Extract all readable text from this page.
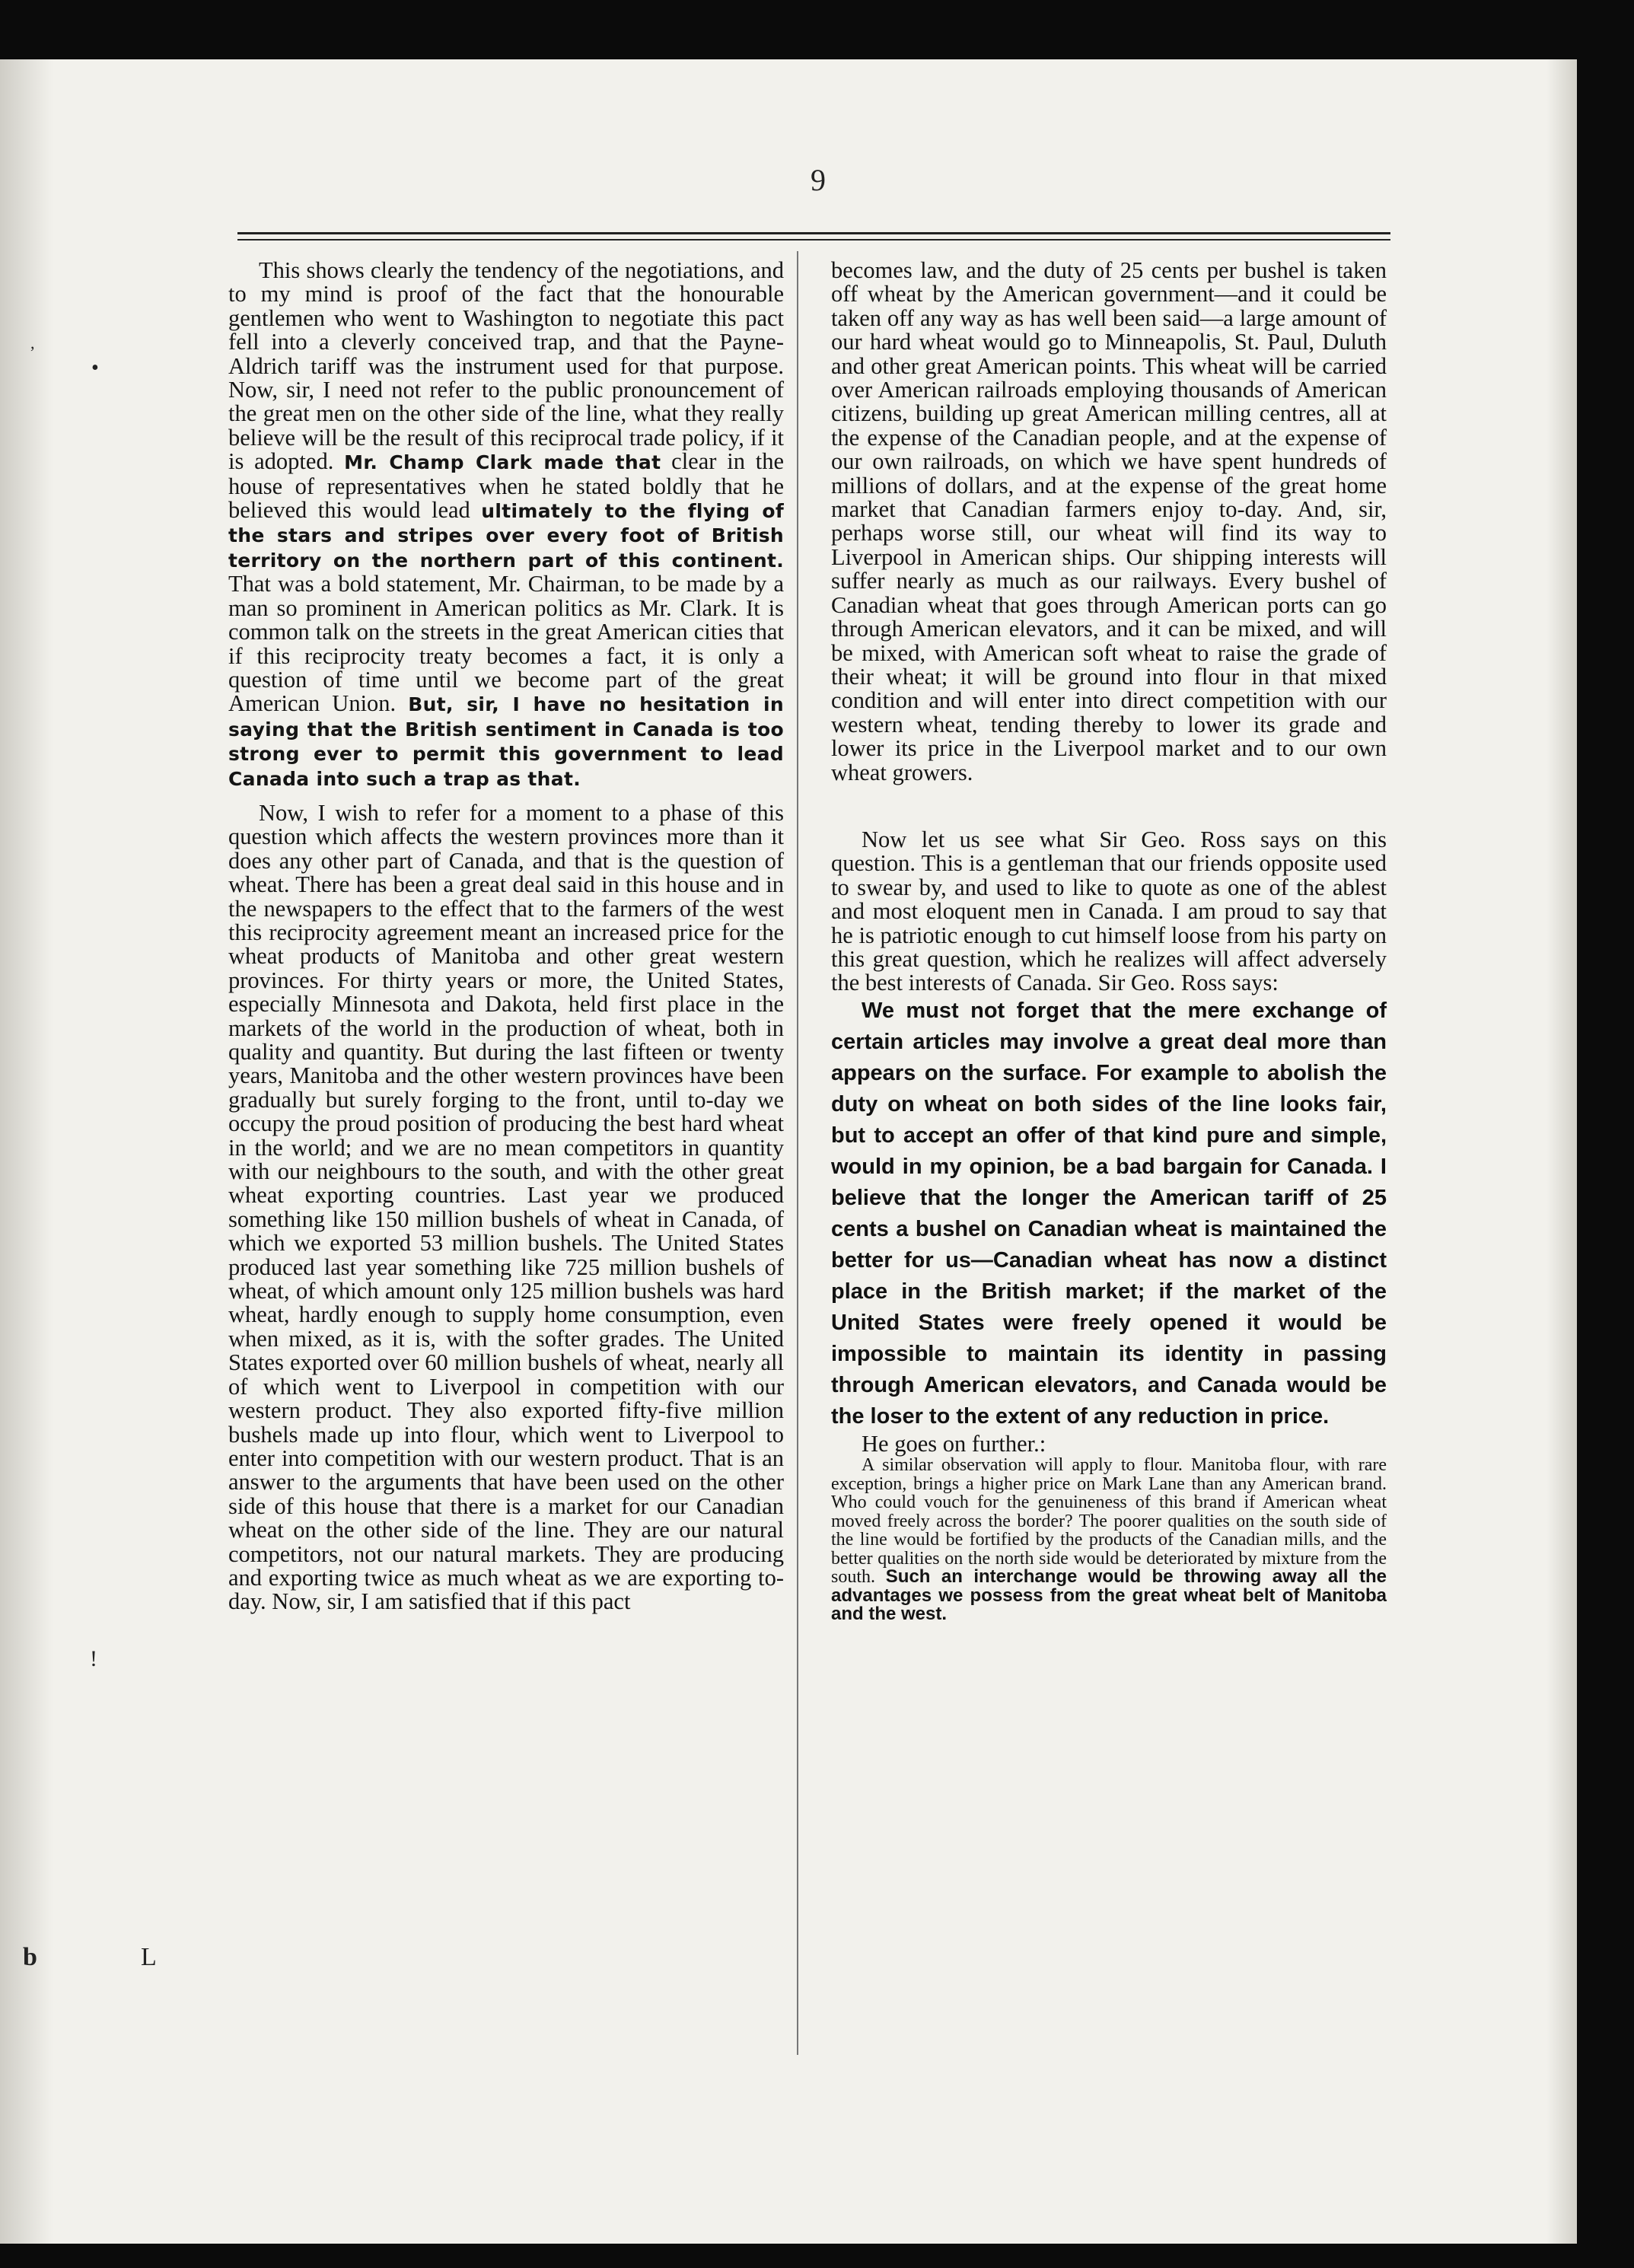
9
,
•
!
b	L

This shows clearly the tendency of the negotiations, and to my mind is proof of the fact that the honourable gentlemen who went to Washington to negotiate this pact fell into a cleverly conceived trap, and that the Payne-Aldrich tariff was the instrument used for that purpose. Now, sir, I need not refer to the public pronouncement of the great men on the other side of the line, what they really believe will be the result of this reciprocal trade policy, if it is adopted. Mr. Champ Clark made that clear in the house of representatives when he stated boldly that he believed this would lead ultimately to the flying of the stars and stripes over every foot of British territory on the northern part of this continent. That was a bold statement, Mr. Chairman, to be made by a man so prominent in American politics as Mr. Clark. It is common talk on the streets in the great American cities that if this reciprocity treaty becomes a fact, it is only a question of time until we become part of the great American Union. But, sir, I have no hesitation in saying that the British sentiment in Canada is too strong ever to permit this government to lead Canada into such a trap as that.

Now, I wish to refer for a moment to a phase of this question which affects the western provinces more than it does any other part of Canada, and that is the question of wheat. There has been a great deal said in this house and in the newspapers to the effect that to the farmers of the west this reciprocity agreement meant an increased price for the wheat products of Manitoba and other great western provinces. For thirty years or more, the United States, especially Minnesota and Dakota, held first place in the markets of the world in the production of wheat, both in quality and quantity. But during the last fifteen or twenty years, Manitoba and the other western provinces have been gradually but surely forging to the front, until to-day we occupy the proud position of producing the best hard wheat in the world; and we are no mean competitors in quantity with our neighbours to the south, and with the other great wheat exporting countries. Last year we produced something like 150 million bushels of wheat in Canada, of which we exported 53 million bushels. The United States produced last year something like 725 million bushels of wheat, of which amount only 125 million bushels was hard wheat, hardly enough to supply home consumption, even when mixed, as it is, with the softer grades. The United States exported over 60 million bushels of wheat, nearly all of which went to Liverpool in competition with our western product. They also exported fifty-five million bushels made up into flour, which went to Liverpool to enter into competition with our western product. That is an answer to the arguments that have been used on the other side of this house that there is a market for our Canadian wheat on the other side of the line. They are our natural competitors, not our natural markets. They are producing and exporting twice as much wheat as we are exporting to-day. Now, sir, I am satisfied that if this pact

becomes law, and the duty of 25 cents per bushel is taken off wheat by the American government—and it could be taken off any way as has well been said—a large amount of our hard wheat would go to Minneapolis, St. Paul, Duluth and other great American points. This wheat will be carried over American railroads employing thousands of American citizens, building up great American milling centres, all at the expense of the Canadian people, and at the expense of our own railroads, on which we have spent hundreds of millions of dollars, and at the expense of the great home market that Canadian farmers enjoy to-day. And, sir, perhaps worse still, our wheat will find its way to Liverpool in American ships. Our shipping interests will suffer nearly as much as our railways. Every bushel of Canadian wheat that goes through American ports can go through American elevators, and it can be mixed, and will be mixed, with American soft wheat to raise the grade of their wheat; it will be ground into flour in that mixed condition and will enter into direct competition with our western wheat, tending thereby to lower its grade and lower its price in the Liverpool market and to our own wheat growers.

Now let us see what Sir Geo. Ross says on this question. This is a gentleman that our friends opposite used to swear by, and used to like to quote as one of the ablest and most eloquent men in Canada. I am proud to say that he is patriotic enough to cut himself loose from his party on this great question, which he realizes will affect adversely the best interests of Canada. Sir Geo. Ross says:

We must not forget that the mere exchange of certain articles may involve a great deal more than appears on the surface. For example to abolish the duty on wheat on both sides of the line looks fair, but to accept an offer of that kind pure and simple, would in my opinion, be a bad bargain for Canada. I believe that the longer the American tariff of 25 cents a bushel on Canadian wheat is maintained the better for us—Canadian wheat has now a distinct place in the British market; if the market of the United States were freely opened it would be impossible to maintain its identity in passing through American elevators, and Canada would be the loser to the extent of any reduction in price.

He goes on further.:

A similar observation will apply to flour. Manitoba flour, with rare exception, brings a higher price on Mark Lane than any American brand. Who could vouch for the genuineness of this brand if American wheat moved freely across the border? The poorer qualities on the south side of the line would be fortified by the products of the Canadian mills, and the better qualities on the north side would be deteriorated by mixture from the south. Such an interchange would be throwing away all the advantages we possess from the great wheat belt of Manitoba and the west.
